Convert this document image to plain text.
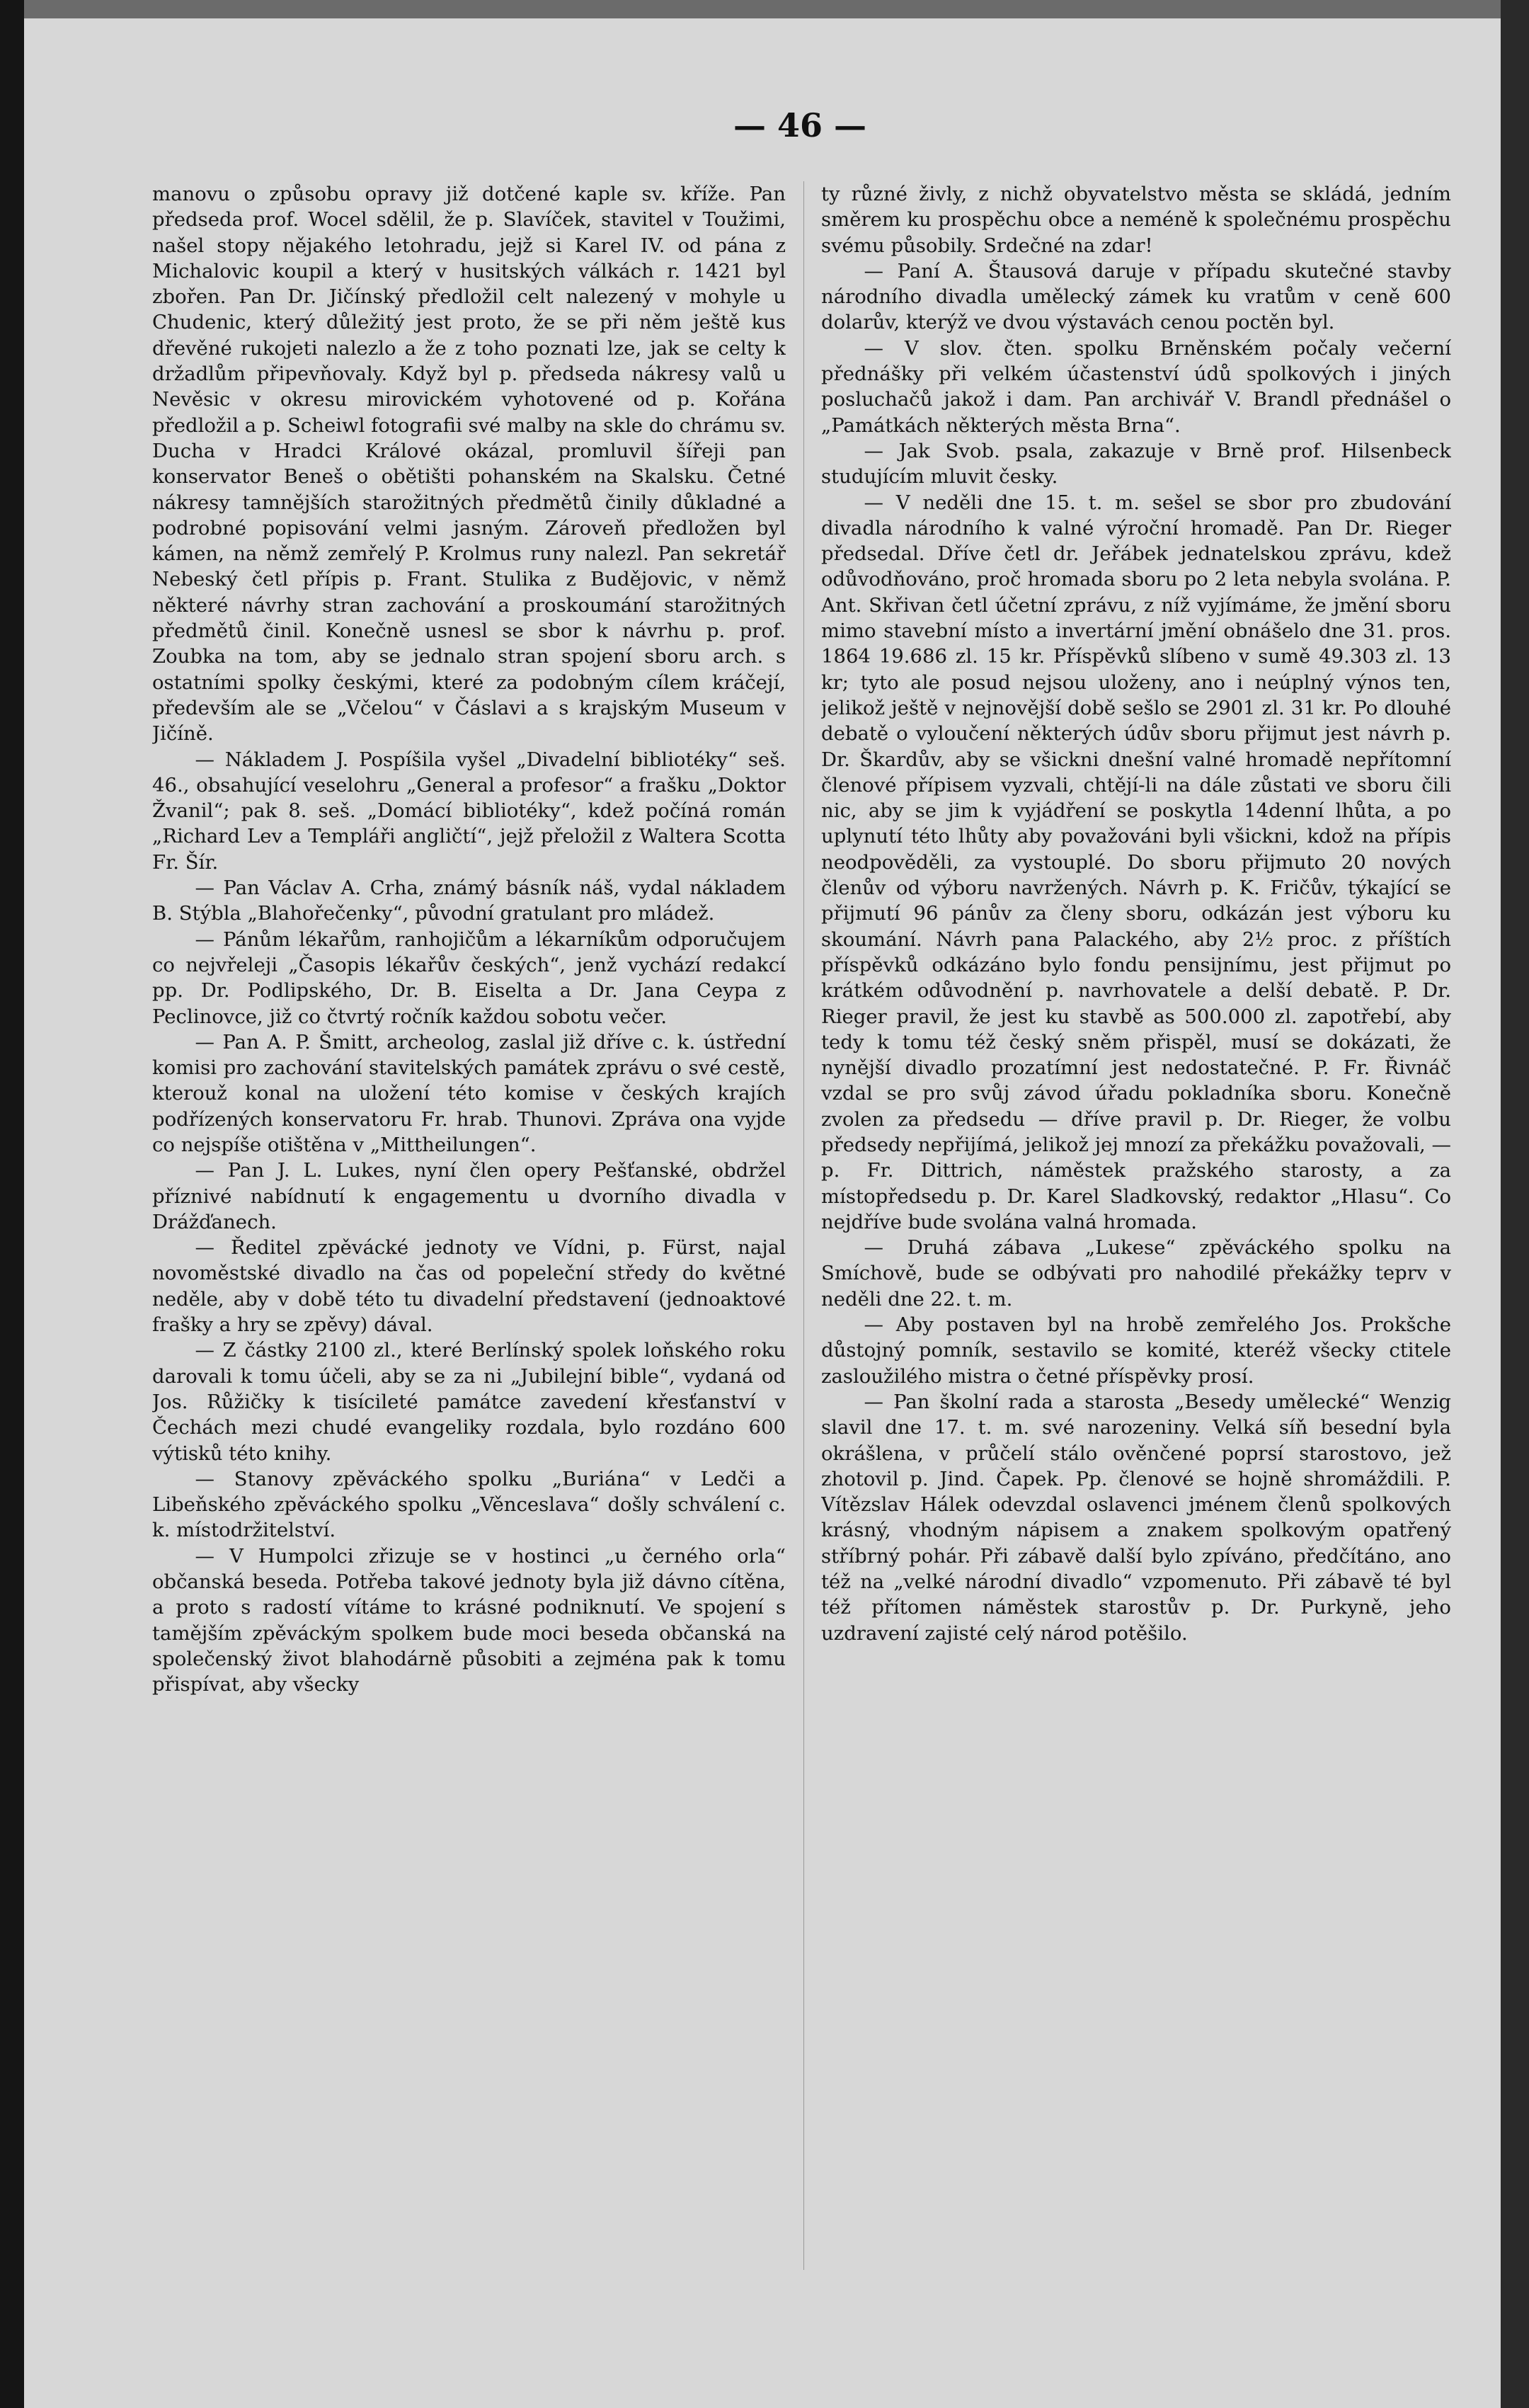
— 46 —

manovu o způsobu opravy již dotčené kaple sv. kříže. Pan předseda prof. Wocel sdělil, že p. Slavíček, stavitel v Toužimi, našel stopy nějakého letohradu, jejž si Karel IV. od pána z Michalovic koupil a který v husitských válkách r. 1421 byl zbořen. Pan Dr. Jičínský předložil celt nalezený v mohyle u Chudenic, který důležitý jest proto, že se při něm ještě kus dřevěné rukojeti nalezlo a že z toho poznati lze, jak se celty k držadlům připevňovaly. Když byl p. předseda nákresy valů u Nevěsic v okresu mirovickém vyhotovené od p. Kořána předložil a p. Scheiwl fotografii své malby na skle do chrámu sv. Ducha v Hradci Králové okázal, promluvil šířeji pan konservator Beneš o obětišti pohanském na Skalsku. Četné nákresy tamnějších starožitných předmětů činily důkladné a podrobné popisování velmi jasným. Zároveň předložen byl kámen, na němž zemřelý P. Krolmus runy nalezl. Pan sekretář Nebeský četl přípis p. Frant. Stulika z Budějovic, v němž některé návrhy stran zachování a proskoumání starožitných předmětů činil. Konečně usnesl se sbor k návrhu p. prof. Zoubka na tom, aby se jednalo stran spojení sboru arch. s ostatními spolky českými, které za podobným cílem kráčejí, především ale se „Včelou“ v Čáslavi a s krajským Museum v Jičíně.

— Nákladem J. Pospíšila vyšel „Divadelní bibliotéky“ seš. 46., obsahující veselohru „General a profesor“ a frašku „Doktor Žvanil“; pak 8. seš. „Domácí bibliotéky“, kdež počíná román „Richard Lev a Templáři angličtí“, jejž přeložil z Waltera Scotta Fr. Šír.

— Pan Václav A. Crha, známý básník náš, vydal nákladem B. Stýbla „Blahořečenky“, původní gratulant pro mládež.

— Pánům lékařům, ranhojičům a lékarníkům odporučujem co nejvřeleji „Časopis lékařův českých“, jenž vychází redakcí pp. Dr. Podlipského, Dr. B. Eiselta a Dr. Jana Ceypa z Peclinovce, již co čtvrtý ročník každou sobotu večer.

— Pan A. P. Šmitt, archeolog, zaslal již dříve c. k. ústřední komisi pro zachování stavitelských památek zprávu o své cestě, kterouž konal na uložení této komise v českých krajích podřízených konservatoru Fr. hrab. Thunovi. Zpráva ona vyjde co nejspíše otištěna v „Mittheilungen“.

— Pan J. L. Lukes, nyní člen opery Pešťanské, obdržel příznivé nabídnutí k engagementu u dvorního divadla v Drážďanech.

— Ředitel zpěvácké jednoty ve Vídni, p. Fürst, najal novoměstské divadlo na čas od popeleční středy do květné neděle, aby v době této tu divadelní představení (jednoaktové frašky a hry se zpěvy) dával.

— Z částky 2100 zl., které Berlínský spolek loňského roku darovali k tomu účeli, aby se za ni „Jubilejní bible“, vydaná od Jos. Růžičky k tisícileté památce zavedení křesťanství v Čechách mezi chudé evangeliky rozdala, bylo rozdáno 600 výtisků této knihy.

— Stanovy zpěváckého spolku „Buriána“ v Ledči a Libeňského zpěváckého spolku „Věnceslava“ došly schválení c. k. místodržitelství.

— V Humpolci zřizuje se v hostinci „u černého orla“ občanská beseda. Potřeba takové jednoty byla již dávno cítěna, a proto s radostí vítáme to krásné podniknutí. Ve spojení s tamějším zpěváckým spolkem bude moci beseda občanská na společenský život blahodárně působiti a zejména pak k tomu přispívat, aby všecky

ty různé živly, z nichž obyvatelstvo města se skládá, jedním směrem ku prospěchu obce a neméně k společnému prospěchu svému působily. Srdečné na zdar!

— Paní A. Štausová daruje v případu skutečné stavby národního divadla umělecký zámek ku vratům v ceně 600 dolarův, kterýž ve dvou výstavách cenou poctěn byl.

— V slov. čten. spolku Brněnském počaly večerní přednášky při velkém účastenství údů spolkových i jiných posluchačů jakož i dam. Pan archivář V. Brandl přednášel o „Památkách některých města Brna“.

— Jak Svob. psala, zakazuje v Brně prof. Hilsenbeck studujícím mluvit česky.

— V neděli dne 15. t. m. sešel se sbor pro zbudování divadla národního k valné výroční hromadě. Pan Dr. Rieger předsedal. Dříve četl dr. Jeřábek jednatelskou zprávu, kdež odůvodňováno, proč hromada sboru po 2 leta nebyla svolána. P. Ant. Skřivan četl účetní zprávu, z níž vyjímáme, že jmění sboru mimo stavební místo a invertární jmění obnášelo dne 31. pros. 1864 19.686 zl. 15 kr. Příspěvků slíbeno v sumě 49.303 zl. 13 kr; tyto ale posud nejsou uloženy, ano i neúplný výnos ten, jelikož ještě v nejnovější době sešlo se 2901 zl. 31 kr. Po dlouhé debatě o vyloučení některých údův sboru přijmut jest návrh p. Dr. Škardův, aby se všickni dnešní valné hromadě nepřítomní členové přípisem vyzvali, chtějí-li na dále zůstati ve sboru čili nic, aby se jim k vyjádření se poskytla 14denní lhůta, a po uplynutí této lhůty aby považováni byli všickni, kdož na přípis neodpověděli, za vystouplé. Do sboru přijmuto 20 nových členův od výboru navržených. Návrh p. K. Fričův, týkající se přijmutí 96 pánův za členy sboru, odkázán jest výboru ku skoumání. Návrh pana Palackého, aby 2½ proc. z příštích příspěvků odkázáno bylo fondu pensijnímu, jest přijmut po krátkém odůvodnění p. navrhovatele a delší debatě. P. Dr. Rieger pravil, že jest ku stavbě as 500.000 zl. zapotřebí, aby tedy k tomu též český sněm přispěl, musí se dokázati, že nynější divadlo prozatímní jest nedostatečné. P. Fr. Řivnáč vzdal se pro svůj závod úřadu pokladníka sboru. Konečně zvolen za předsedu — dříve pravil p. Dr. Rieger, že volbu předsedy nepřijímá, jelikož jej mnozí za překážku považovali, — p. Fr. Dittrich, náměstek pražského starosty, a za místopředsedu p. Dr. Karel Sladkovský, redaktor „Hlasu“. Co nejdříve bude svolána valná hromada.

— Druhá zábava „Lukese“ zpěváckého spolku na Smíchově, bude se odbývati pro nahodilé překážky teprv v neděli dne 22. t. m.

— Aby postaven byl na hrobě zemřelého Jos. Prokšche důstojný pomník, sestavilo se komité, kteréž všecky ctitele zasloužilého mistra o četné příspěvky prosí.

— Pan školní rada a starosta „Besedy umělecké“ Wenzig slavil dne 17. t. m. své narozeniny. Velká síň besední byla okrášlena, v průčelí stálo ověnčené poprsí starostovo, jež zhotovil p. Jind. Čapek. Pp. členové se hojně shromáždili. P. Vítězslav Hálek odevzdal oslavenci jménem členů spolkových krásný, vhodným nápisem a znakem spolkovým opatřený stříbrný pohár. Při zábavě další bylo zpíváno, předčítáno, ano též na „velké národní divadlo“ vzpomenuto. Při zábavě té byl též přítomen náměstek starostův p. Dr. Purkyně, jeho uzdravení zajisté celý národ potěšilo.
